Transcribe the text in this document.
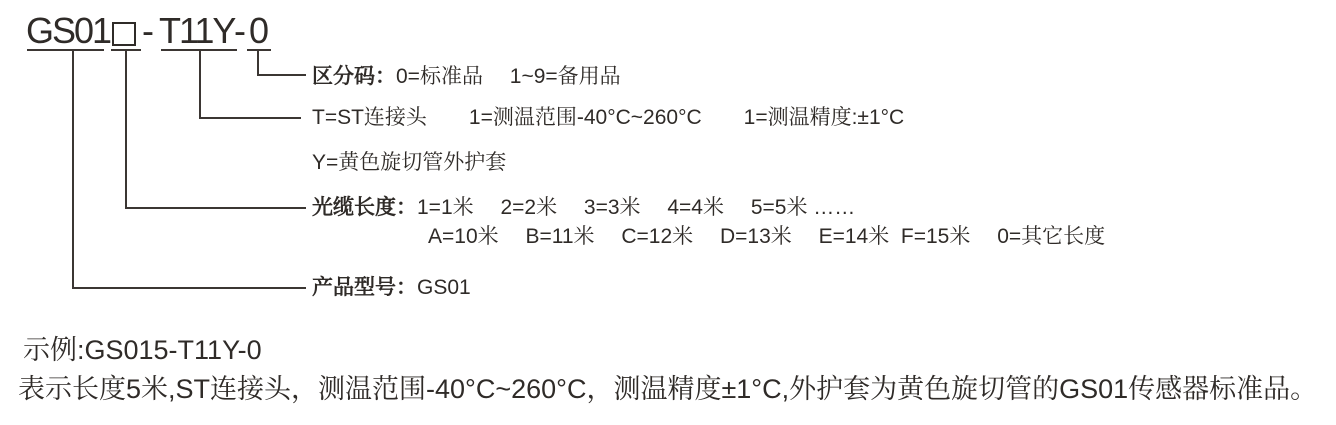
GS01 - T11Y - 0
区分码：0=标准品　 1~9=备用品
T=ST连接头　　1=测温范围-40°C~260°C　　1=测温精度:±1°C
Y=黄色旋切管外护套
光缆长度：1=1米　 2=2米　 3=3米　 4=4米　 5=5米 ……
A=10米　 B=11米　 C=12米　 D=13米　 E=14米  F=15米　 0=其它长度
产品型号：GS01
示例:GS015-T11Y-0
表示长度5米,ST连接头，测温范围-40°C~260°C，测温精度±1°C,外护套为黄色旋切管的GS01传感器标准品。
